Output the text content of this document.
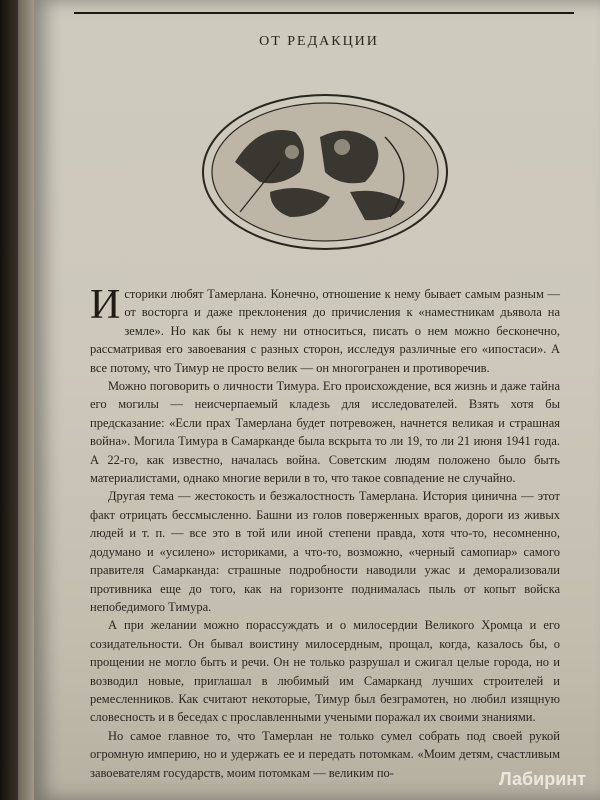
ОТ РЕДАКЦИИ

Историки любят Тамерлана. Конечно, отношение к нему бывает самым разным — от восторга и даже преклонения до причисления к «наместникам дьявола на земле». Но как бы к нему ни относиться, писать о нем можно бесконечно, рассматривая его завоевания с разных сторон, исследуя различные его «ипостаси». А все потому, что Тимур не просто велик — он многогранен и противоречив.

Можно поговорить о личности Тимура. Его происхождение, вся жизнь и даже тайна его могилы — неисчерпаемый кладезь для исследователей. Взять хотя бы предсказание: «Если прах Тамерлана будет потревожен, начнется великая и страшная война». Могила Тимура в Самарканде была вскрыта то ли 19, то ли 21 июня 1941 года. А 22-го, как известно, началась война. Советским людям положено было быть материалистами, однако многие верили в то, что такое совпадение не случайно.

Другая тема — жестокость и безжалостность Тамерлана. История цинична — этот факт отрицать бессмысленно. Башни из голов поверженных врагов, дороги из живых людей и т. п. — все это в той или иной степени правда, хотя что-то, несомненно, додумано и «усилено» историками, а что-то, возможно, «черный самопиар» самого правителя Самарканда: страшные подробности наводили ужас и деморализовали противника еще до того, как на горизонте поднималась пыль от копыт войска непобедимого Тимура.

А при желании можно порассуждать и о милосердии Великого Хромца и его созидательности. Он бывал воистину милосердным, прощал, когда, казалось бы, о прощении не могло быть и речи. Он не только разрушал и сжигал целые города, но и возводил новые, приглашал в любимый им Самарканд лучших строителей и ремесленников. Как считают некоторые, Тимур был безграмотен, но любил изящную словесность и в беседах с прославленными учеными поражал их своими знаниями.

Но самое главное то, что Тамерлан не только сумел собрать под своей рукой огромную империю, но и удержать ее и передать потомкам. «Моим детям, счастливым завоевателям государств, моим потомкам — великим по-	Лабиринт
